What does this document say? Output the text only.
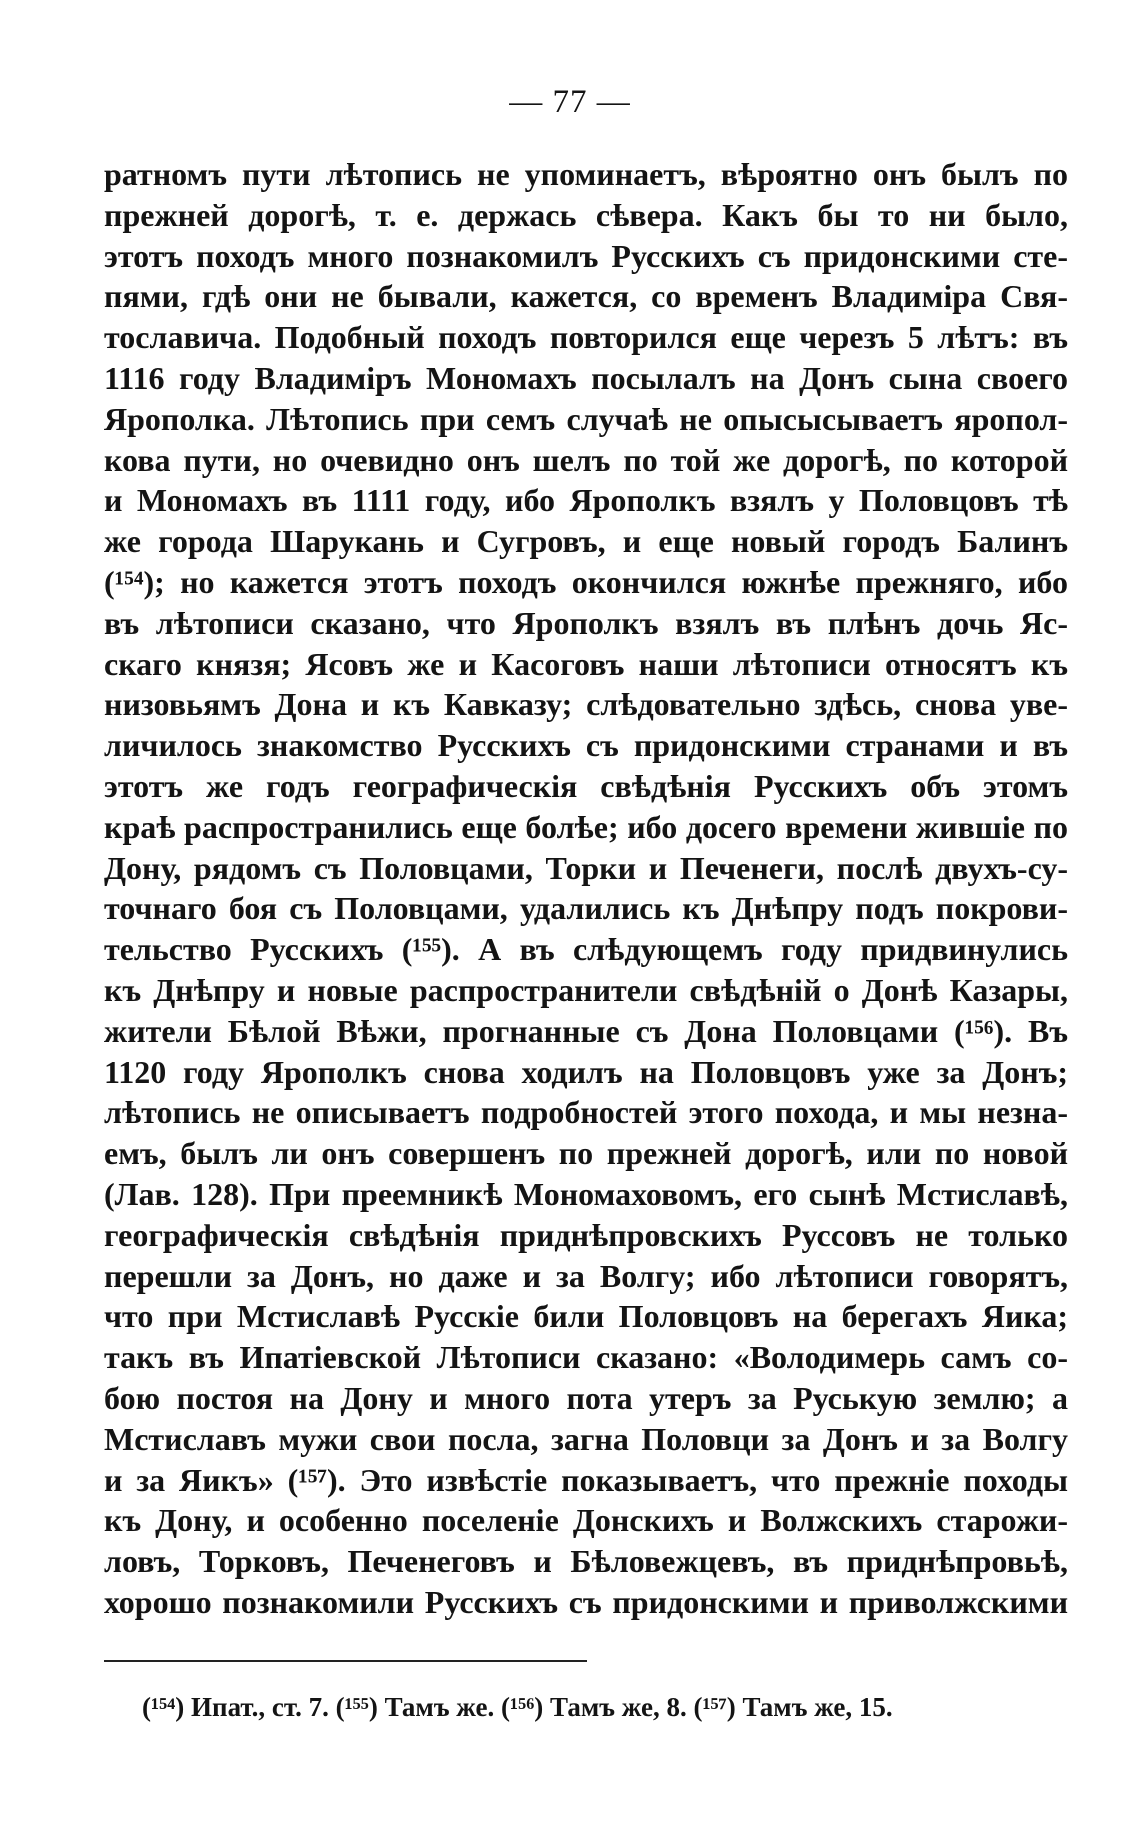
— 77 —
ратномъ пути лѣтопись не упоминаетъ, вѣроятно онъ былъ по
прежней дорогѣ, т. е. держась сѣвера. Какъ бы то ни было,
этотъ походъ много познакомилъ Русскихъ съ придонскими сте-
пями, гдѣ они не бывали, кажется, со временъ Владиміра Свя-
тославича. Подобный походъ повторился еще черезъ 5 лѣтъ: въ
1116 году Владиміръ Мономахъ посылалъ на Донъ сына своего
Ярополка. Лѣтопись при семъ случаѣ не опысысываетъ яропол-
кова пути, но очевидно онъ шелъ по той же дорогѣ, по которой
и Мономахъ въ 1111 году, ибо Ярополкъ взялъ у Половцовъ тѣ
же города Шарукань и Сугровъ, и еще новый городъ Балинъ
(¹⁵⁴); но кажется этотъ походъ окончился южнѣе прежняго, ибо
въ лѣтописи сказано, что Ярополкъ взялъ въ плѣнъ дочь Яс-
скаго князя; Ясовъ же и Касоговъ наши лѣтописи относятъ къ
низовьямъ Дона и къ Кавказу; слѣдовательно здѣсь, снова уве-
личилось знакомство Русскихъ съ придонскими странами и въ
этотъ же годъ географическія свѣдѣнія Русскихъ объ этомъ
краѣ распространились еще болѣе; ибо досего времени жившіе по
Дону, рядомъ съ Половцами, Торки и Печенеги, послѣ двухъ-су-
точнаго боя съ Половцами, удалились къ Днѣпру подъ покрови-
тельство Русскихъ (¹⁵⁵). А въ слѣдующемъ году придвинулись
къ Днѣпру и новые распространители свѣдѣній о Донѣ Казары,
жители Бѣлой Вѣжи, прогнанные съ Дона Половцами (¹⁵⁶). Въ
1120 году Ярополкъ снова ходилъ на Половцовъ уже за Донъ;
лѣтопись не описываетъ подробностей этого похода, и мы незна-
емъ, былъ ли онъ совершенъ по прежней дорогѣ, или по новой
(Лав. 128). При преемникѣ Мономаховомъ, его сынѣ Мстиславѣ,
географическія свѣдѣнія приднѣпровскихъ Руссовъ не только
перешли за Донъ, но даже и за Волгу; ибо лѣтописи говорятъ,
что при Мстиславѣ Русскіе били Половцовъ на берегахъ Яика;
такъ въ Ипатіевской Лѣтописи сказано: «Володимерь самъ со-
бою постоя на Дону и много пота утеръ за Руськую землю; а
Мстиславъ мужи свои посла, загна Половци за Донъ и за Волгу
и за Яикъ» (¹⁵⁷). Это извѣстіе показываетъ, что прежніе походы
къ Дону, и особенно поселеніе Донскихъ и Волжскихъ старожи-
ловъ, Торковъ, Печенеговъ и Бѣловежцевъ, въ приднѣпровьѣ,
хорошо познакомили Русскихъ съ придонскими и приволжскими
(¹⁵⁴) Ипат., ст. 7. (¹⁵⁵) Тамъ же. (¹⁵⁶) Тамъ же, 8. (¹⁵⁷) Тамъ же, 15.
